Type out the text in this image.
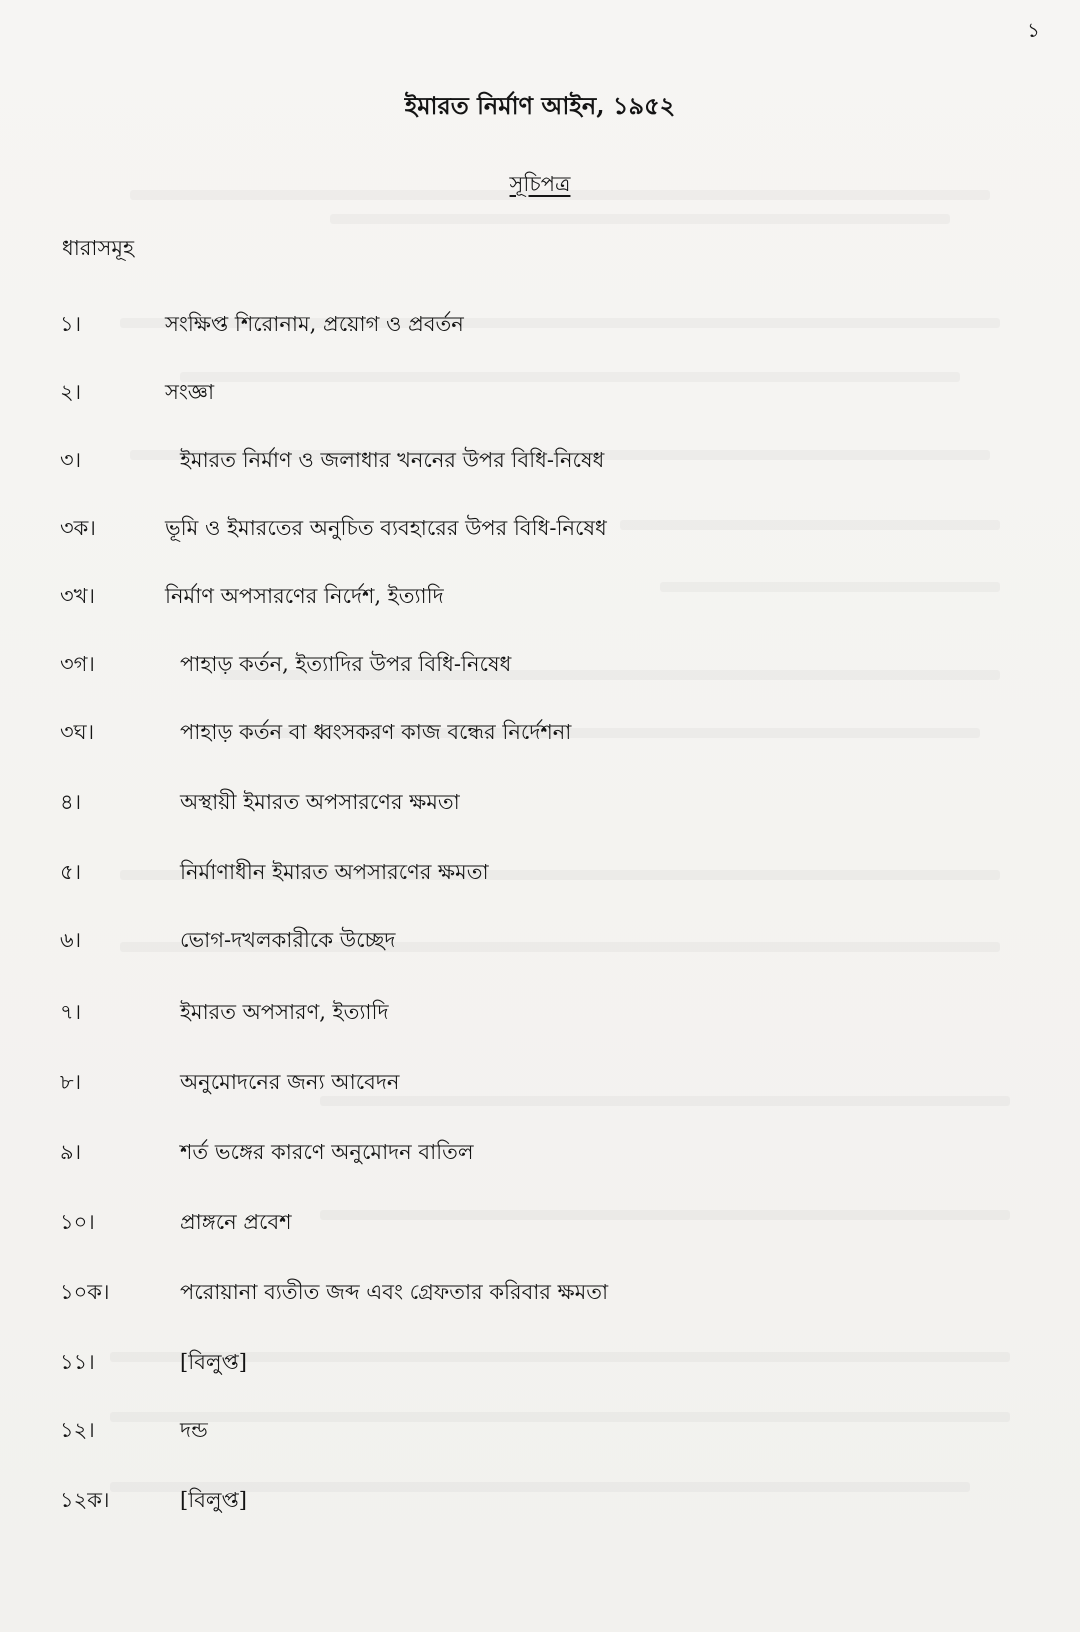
১
ইমারত নির্মাণ আইন, ১৯৫২
সূচিপত্র
ধারাসমূহ
১।	সংক্ষিপ্ত শিরোনাম, প্রয়োগ ও প্রবর্তন
২।	সংজ্ঞা
৩।	ইমারত নির্মাণ ও জলাধার খননের উপর বিধি-নিষেধ
৩ক।	ভূমি ও ইমারতের অনুচিত ব্যবহারের উপর বিধি-নিষেধ
৩খ।	নির্মাণ অপসারণের নির্দেশ, ইত্যাদি
৩গ।	পাহাড় কর্তন, ইত্যাদির উপর বিধি-নিষেধ
৩ঘ।	পাহাড় কর্তন বা ধ্বংসকরণ কাজ বন্ধের নির্দেশনা
৪।	অস্থায়ী ইমারত অপসারণের ক্ষমতা
৫।	নির্মাণাধীন ইমারত অপসারণের ক্ষমতা
৬।	ভোগ-দখলকারীকে উচ্ছেদ
৭।	ইমারত অপসারণ, ইত্যাদি
৮।	অনুমোদনের জন্য আবেদন
৯।	শর্ত ভঙ্গের কারণে অনুমোদন বাতিল
১০।	প্রাঙ্গনে প্রবেশ
১০ক।	পরোয়ানা ব্যতীত জব্দ এবং গ্রেফতার করিবার ক্ষমতা
১১।	[বিলুপ্ত]
১২।	দন্ড
১২ক।	[বিলুপ্ত]
